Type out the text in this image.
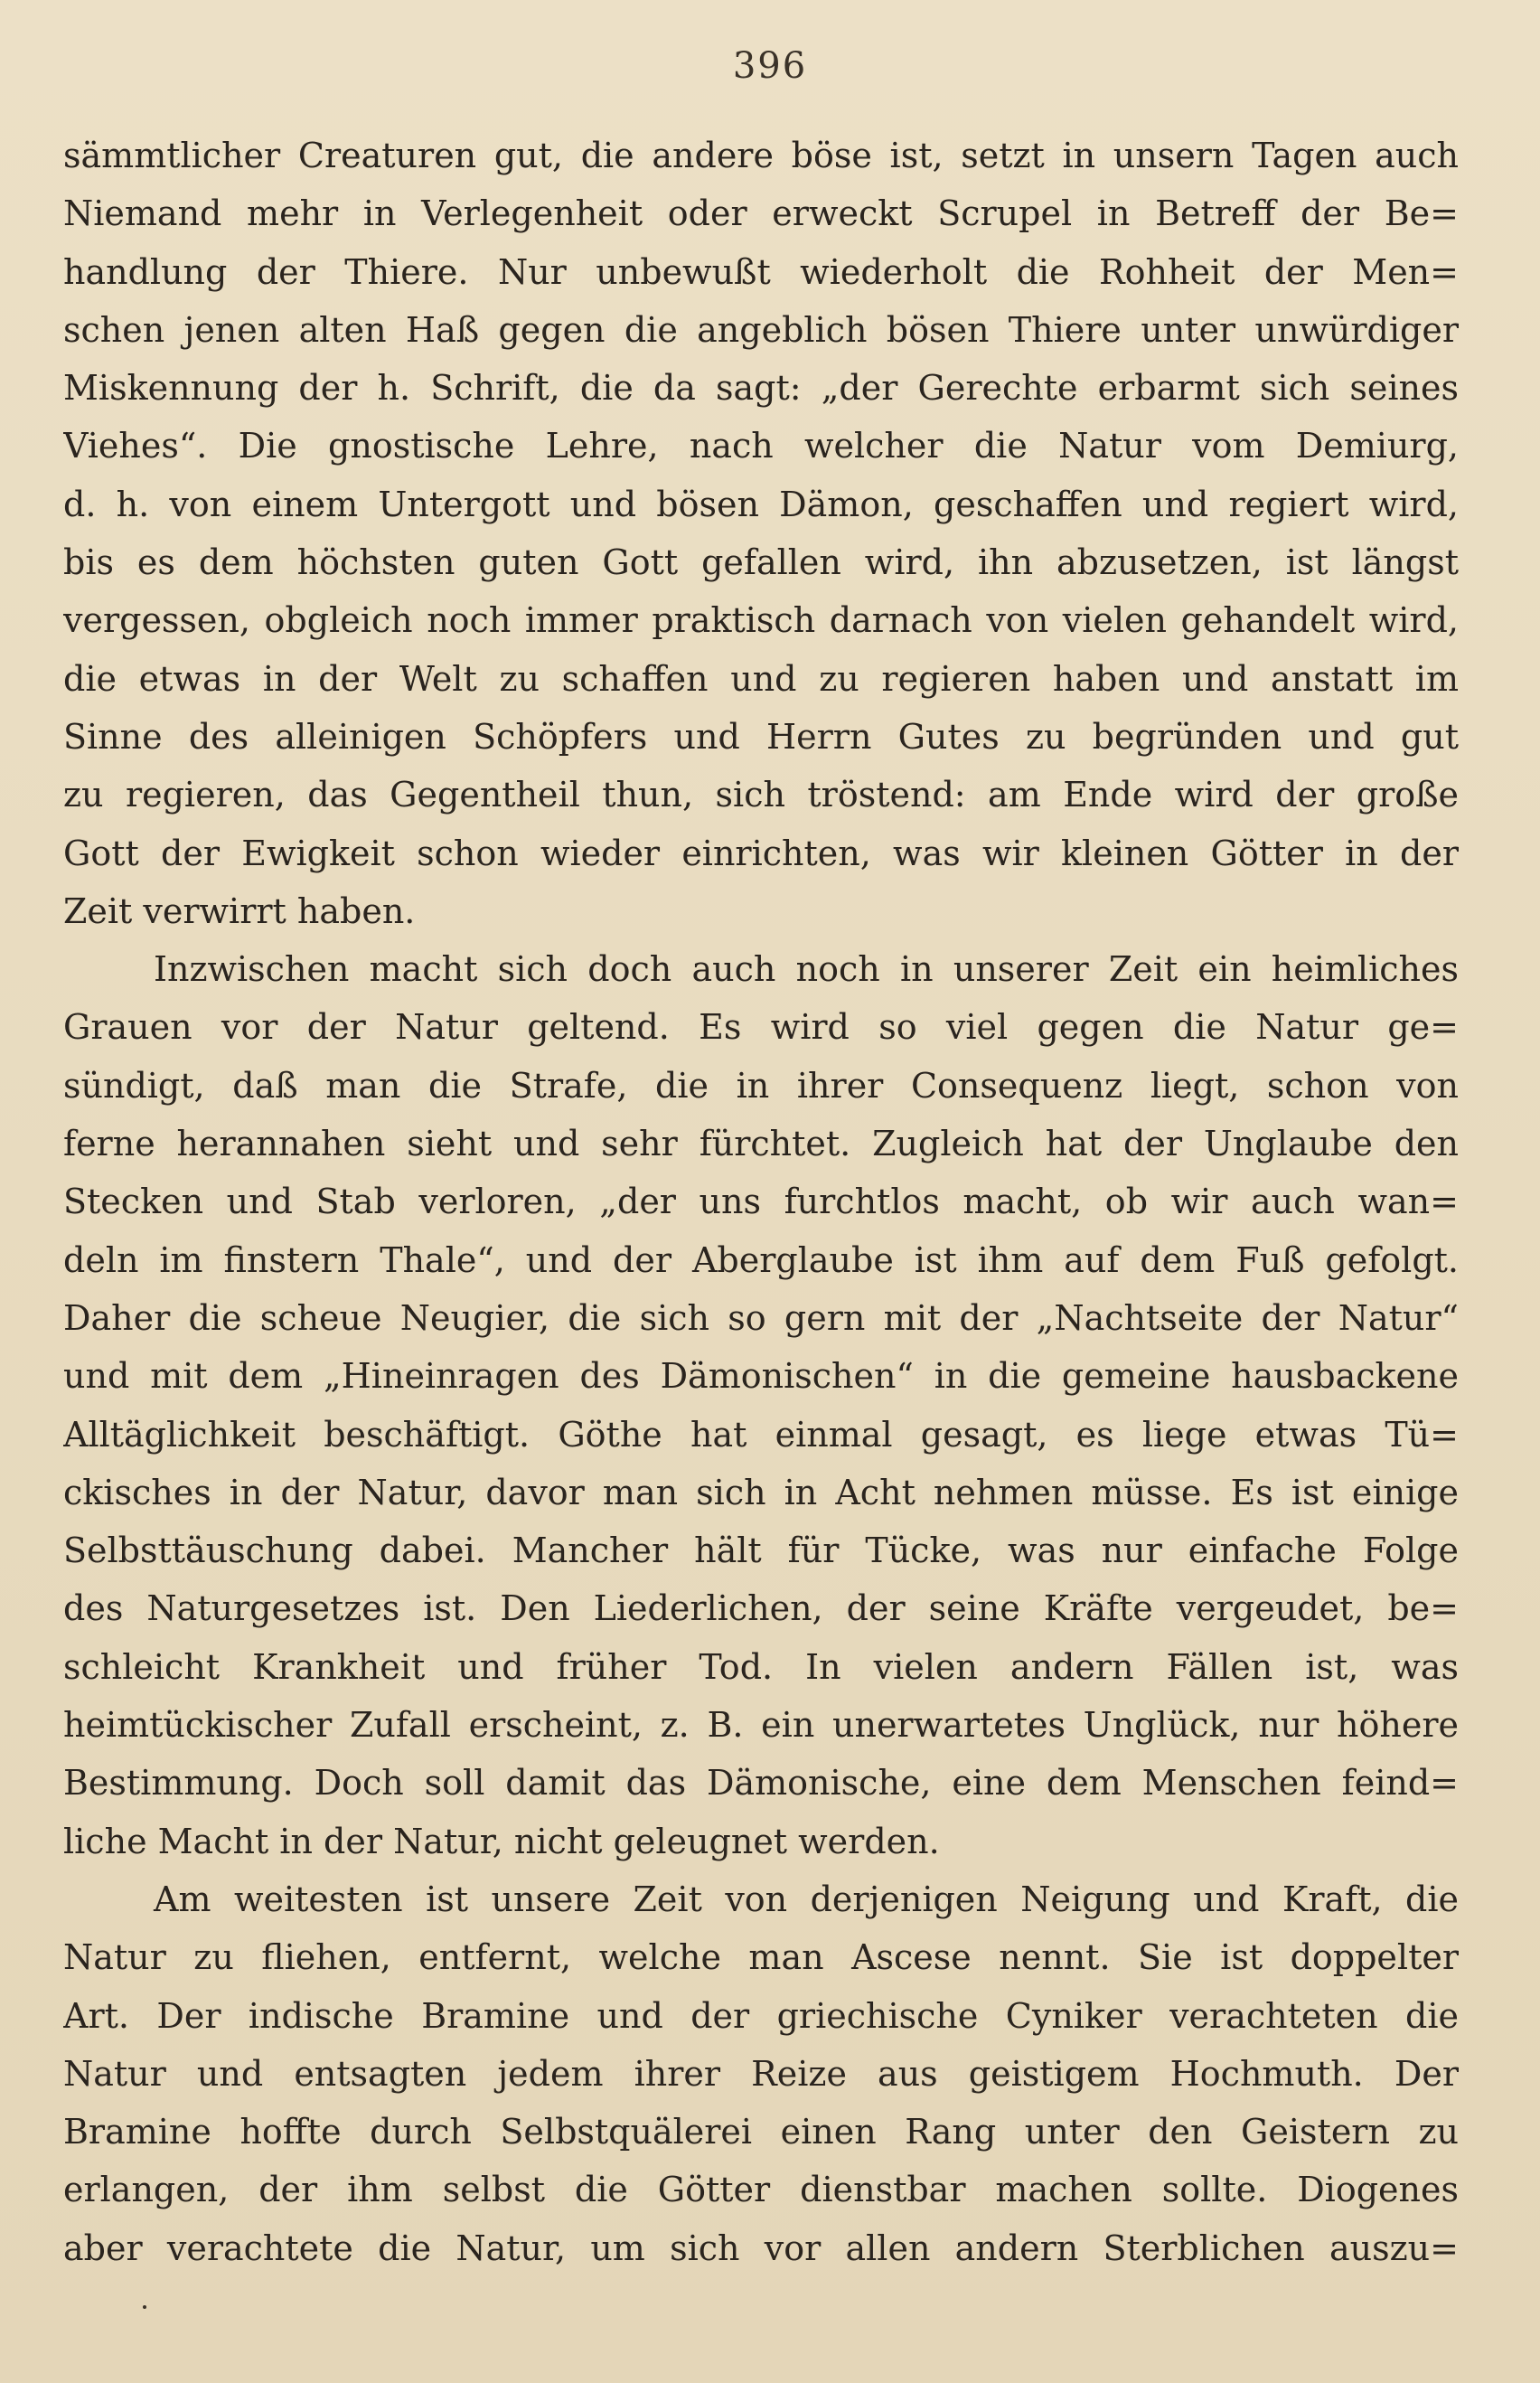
396
sämmtlicher Creaturen gut, die andere böse ist, setzt in unsern Tagen auch
Niemand mehr in Verlegenheit oder erweckt Scrupel in Betreff der Be=
handlung der Thiere. Nur unbewußt wiederholt die Rohheit der Men=
schen jenen alten Haß gegen die angeblich bösen Thiere unter unwürdiger
Miskennung der h. Schrift, die da sagt: „der Gerechte erbarmt sich seines
Viehes“. Die gnostische Lehre, nach welcher die Natur vom Demiurg,
d. h. von einem Untergott und bösen Dämon, geschaffen und regiert wird,
bis es dem höchsten guten Gott gefallen wird, ihn abzusetzen, ist längst
vergessen, obgleich noch immer praktisch darnach von vielen gehandelt wird,
die etwas in der Welt zu schaffen und zu regieren haben und anstatt im
Sinne des alleinigen Schöpfers und Herrn Gutes zu begründen und gut
zu regieren, das Gegentheil thun, sich tröstend: am Ende wird der große
Gott der Ewigkeit schon wieder einrichten, was wir kleinen Götter in der
Zeit verwirrt haben.
Inzwischen macht sich doch auch noch in unserer Zeit ein heimliches
Grauen vor der Natur geltend. Es wird so viel gegen die Natur ge=
sündigt, daß man die Strafe, die in ihrer Consequenz liegt, schon von
ferne herannahen sieht und sehr fürchtet. Zugleich hat der Unglaube den
Stecken und Stab verloren, „der uns furchtlos macht, ob wir auch wan=
deln im finstern Thale“, und der Aberglaube ist ihm auf dem Fuß gefolgt.
Daher die scheue Neugier, die sich so gern mit der „Nachtseite der Natur“
und mit dem „Hineinragen des Dämonischen“ in die gemeine hausbackene
Alltäglichkeit beschäftigt. Göthe hat einmal gesagt, es liege etwas Tü=
ckisches in der Natur, davor man sich in Acht nehmen müsse. Es ist einige
Selbsttäuschung dabei. Mancher hält für Tücke, was nur einfache Folge
des Naturgesetzes ist. Den Liederlichen, der seine Kräfte vergeudet, be=
schleicht Krankheit und früher Tod. In vielen andern Fällen ist, was
heimtückischer Zufall erscheint, z. B. ein unerwartetes Unglück, nur höhere
Bestimmung. Doch soll damit das Dämonische, eine dem Menschen feind=
liche Macht in der Natur, nicht geleugnet werden.
Am weitesten ist unsere Zeit von derjenigen Neigung und Kraft, die
Natur zu fliehen, entfernt, welche man Ascese nennt. Sie ist doppelter
Art. Der indische Bramine und der griechische Cyniker verachteten die
Natur und entsagten jedem ihrer Reize aus geistigem Hochmuth. Der
Bramine hoffte durch Selbstquälerei einen Rang unter den Geistern zu
erlangen, der ihm selbst die Götter dienstbar machen sollte. Diogenes
aber verachtete die Natur, um sich vor allen andern Sterblichen auszu=
